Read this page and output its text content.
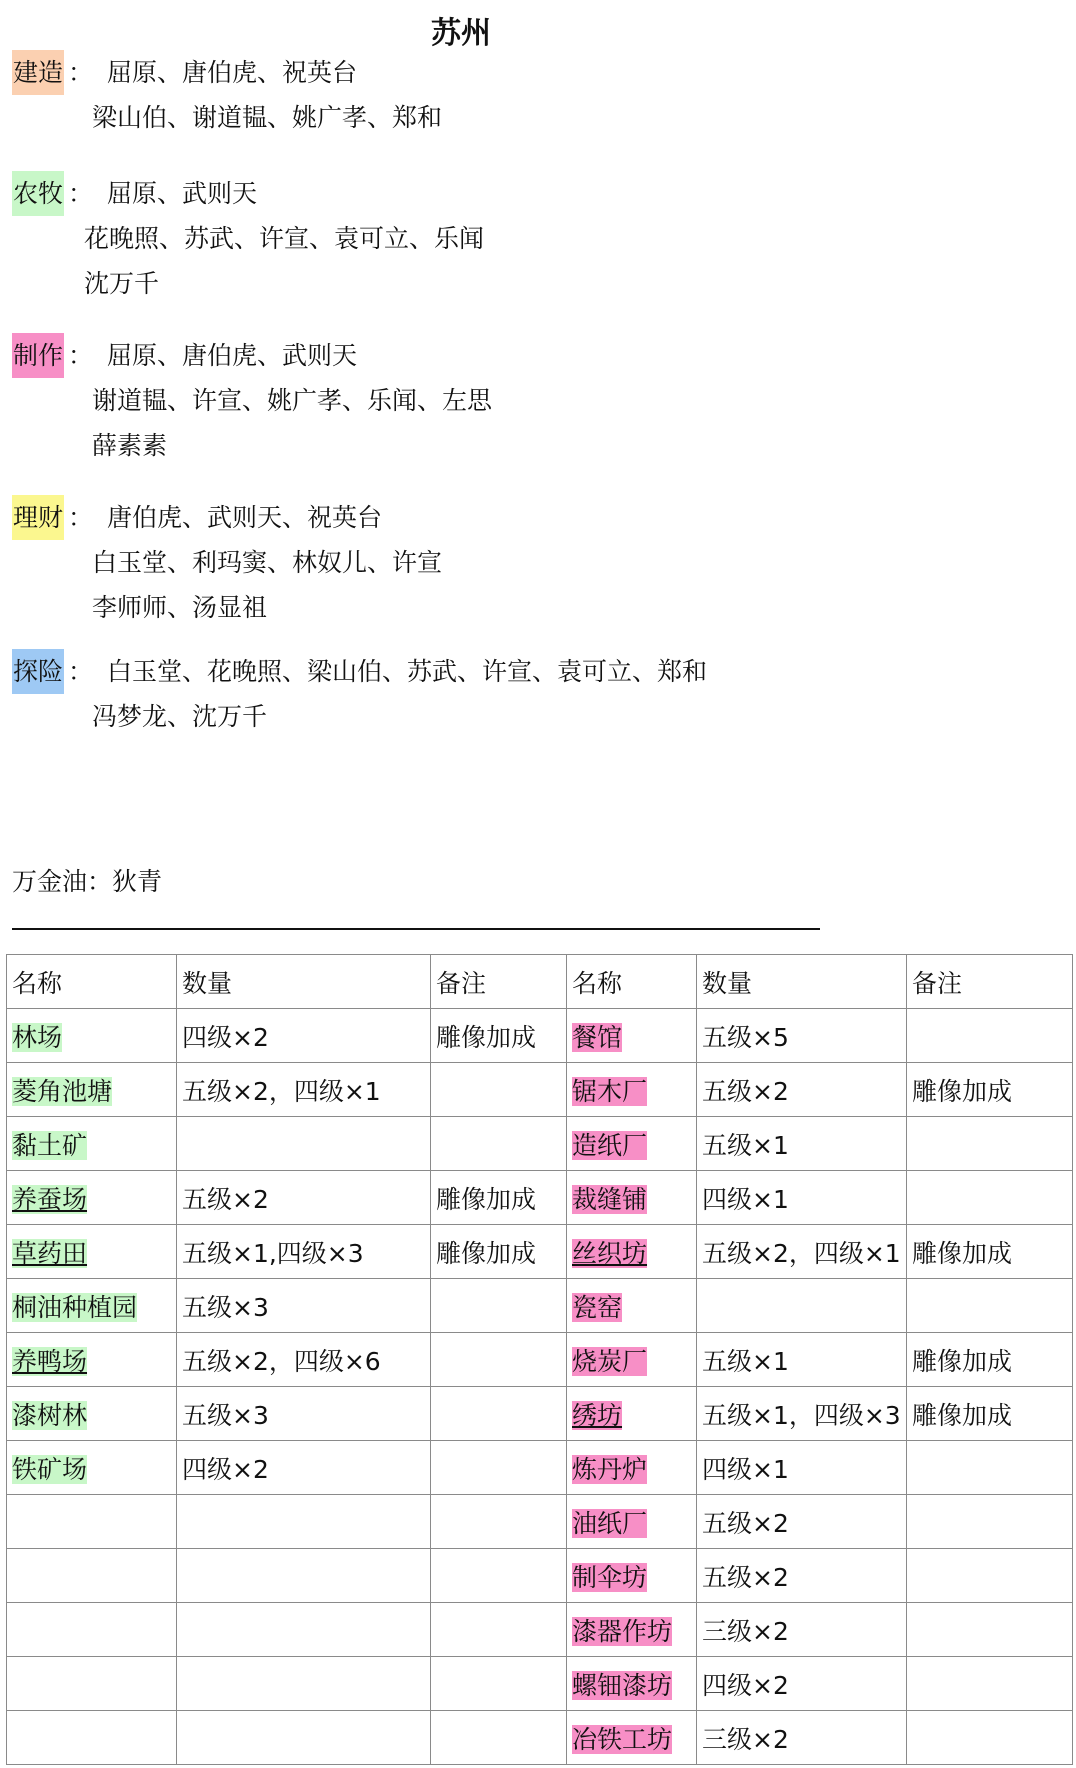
苏州
建造 ： 屈原、唐伯虎、祝英台
梁山伯、谢道韫、姚广孝、郑和
农牧 ： 屈原、武则天
花晚照、苏武、许宣、袁可立、乐闻
沈万千
制作 ： 屈原、唐伯虎、武则天
谢道韫、许宣、姚广孝、乐闻、左思
薛素素
理财 ： 唐伯虎、武则天、祝英台
白玉堂、利玛窦、林奴儿、许宣
李师师、汤显祖
探险 ： 白玉堂、花晚照、梁山伯、苏武、许宣、袁可立、郑和
冯梦龙、沈万千
万金油：狄青
名称	数量	备注	名称	数量	备注
林场	四级×2	雕像加成	餐馆	五级×5	
菱角池塘	五级×2，四级×1		锯木厂	五级×2	雕像加成
黏土矿			造纸厂	五级×1	
养蚕场	五级×2	雕像加成	裁缝铺	四级×1	
草药田	五级×1,四级×3	雕像加成	丝织坊	五级×2，四级×1	雕像加成
桐油种植园	五级×3		瓷窑		
养鸭场	五级×2，四级×6		烧炭厂	五级×1	雕像加成
漆树林	五级×3		绣坊	五级×1，四级×3	雕像加成
铁矿场	四级×2		炼丹炉	四级×1	
			油纸厂	五级×2	
			制伞坊	五级×2	
			漆器作坊	三级×2	
			螺钿漆坊	四级×2	
			冶铁工坊	三级×2	
